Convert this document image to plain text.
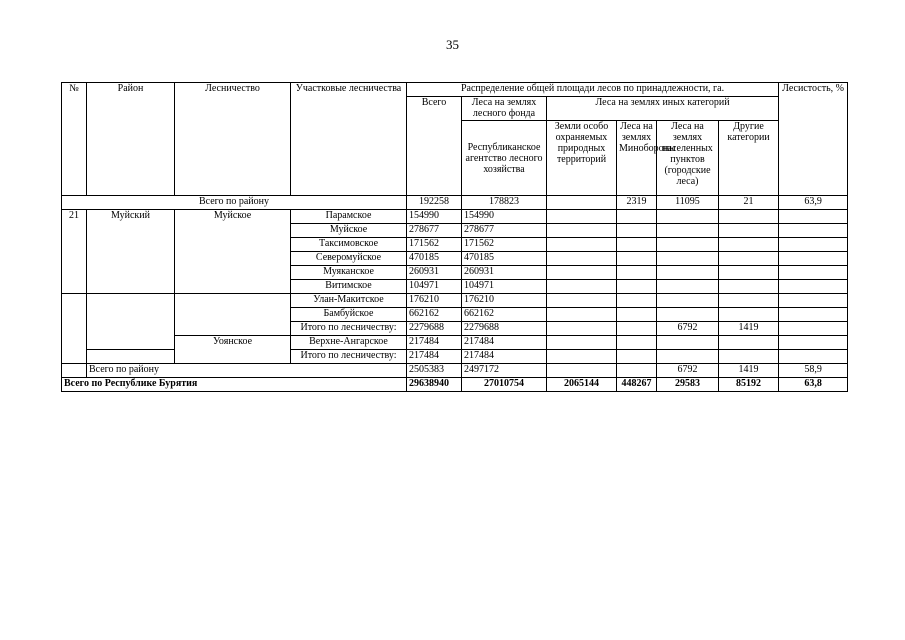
35
№	Район	Лесничество	Участковые лесничества	Распределение общей площади лесов по принадлежности, га.						Лесистость, %
				Всего	Леса на землях лесного фонда	Леса на землях иных категорий				
					Республиканское агентство лесного хозяйства					
						Земли особо охраняемых природных территорий	Леса на землях Минобороны	Леса на землях населенных пунктов (городские леса)	Другие категории	
Всего по району				192258	178823		2319	11095	21	63,9
21	Муйский	Муйское	Парамское	154990	154990					
			Муйское	278677	278677					
			Таксимовское	171562	171562					
			Северомуйское	470185	470185					
			Муяканское	260931	260931					
			Витимское	104971	104971					
			Улан-Макитское	176210	176210					
			Бамбуйское	662162	662162					
			Итого по лесничеству:	2279688	2279688			6792	1419	
		Уоянское	Верхне-Ангарское	217484	217484					
			Итого по лесничеству:	217484	217484					
	Всего по району			2505383	2497172			6792	1419	58,9
Всего по Республике Бурятия				29638940	27010754	2065144	448267	29583	85192	63,8
